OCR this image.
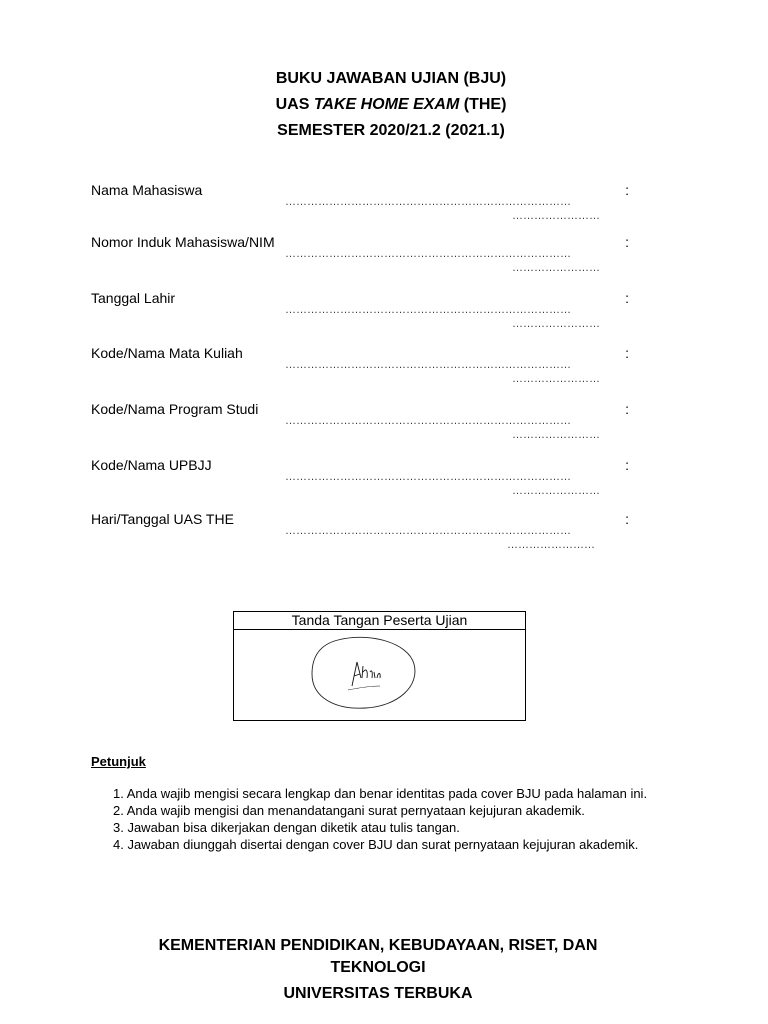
BUKU JAWABAN UJIAN (BJU)
UAS TAKE HOME EXAM (THE)
SEMESTER 2020/21.2 (2021.1)
Nama Mahasiswa	:
……………………………………………………………………
……………………
Nomor Induk Mahasiswa/NIM	:
……………………………………………………………………
……………………
Tanggal Lahir	:
……………………………………………………………………
……………………
Kode/Nama Mata Kuliah	:
……………………………………………………………………
……………………
Kode/Nama Program Studi	:
……………………………………………………………………
……………………
Kode/Nama UPBJJ	:
……………………………………………………………………
……………………
Hari/Tanggal UAS THE	:
……………………………………………………………………
……………………
Tanda Tangan Peserta Ujian
Petunjuk
1. Anda wajib mengisi secara lengkap dan benar identitas pada cover BJU pada halaman ini.
2. Anda wajib mengisi dan menandatangani surat pernyataan kejujuran akademik.
3. Jawaban bisa dikerjakan dengan diketik atau tulis tangan.
4. Jawaban diunggah disertai dengan cover BJU dan surat pernyataan kejujuran akademik.
KEMENTERIAN PENDIDIKAN, KEBUDAYAAN, RISET, DAN
TEKNOLOGI
UNIVERSITAS TERBUKA
